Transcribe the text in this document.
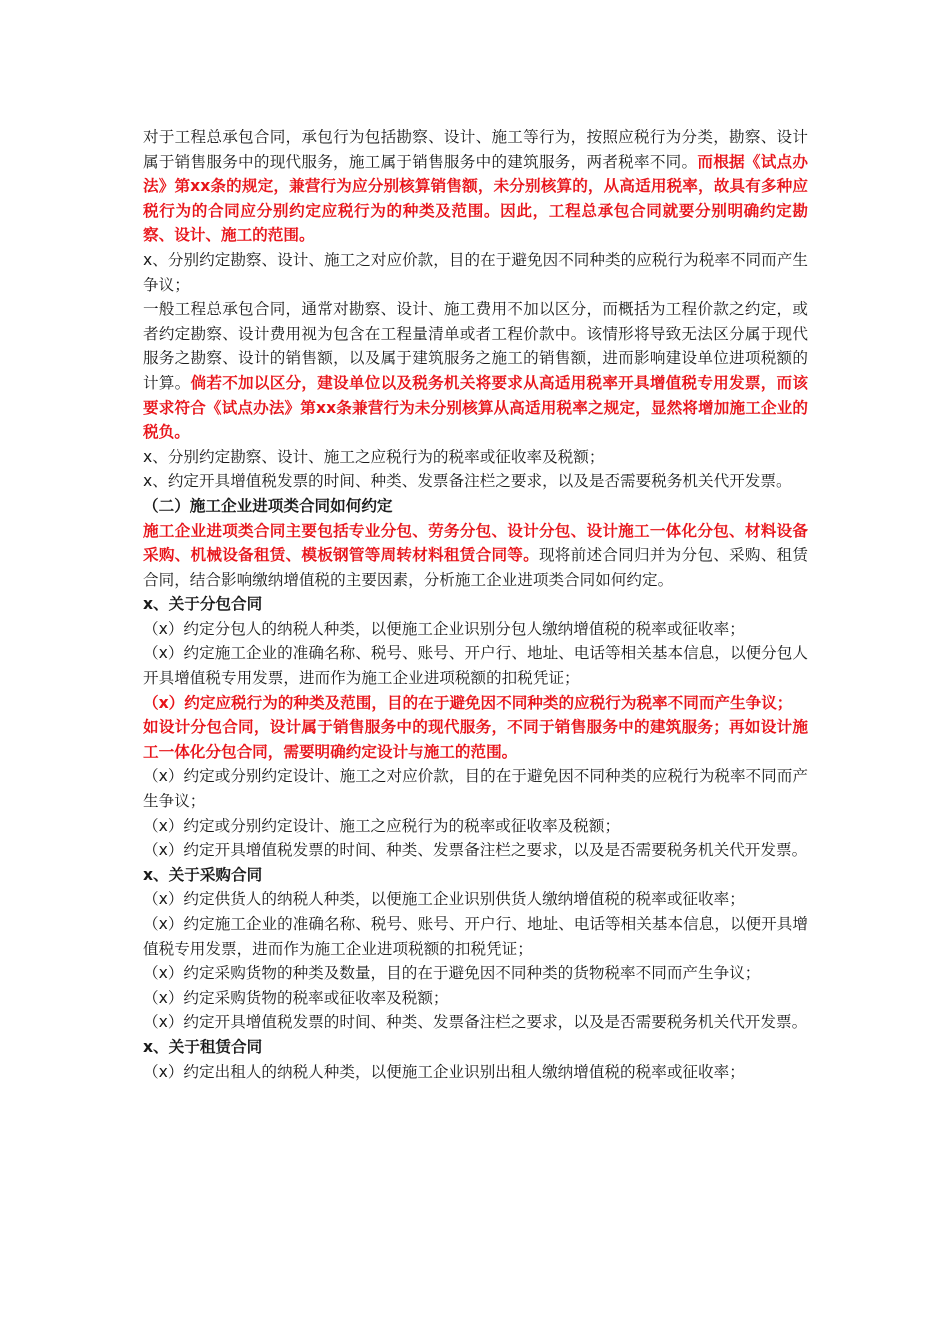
对于工程总承包合同，承包行为包括勘察、设计、施工等行为，按照应税行为分类，勘察、设计属于销售服务中的现代服务，施工属于销售服务中的建筑服务，两者税率不同。而根据《试点办法》第xx条的规定，兼营行为应分别核算销售额，未分别核算的，从高适用税率，故具有多种应税行为的合同应分别约定应税行为的种类及范围。因此，工程总承包合同就要分别明确约定勘察、设计、施工的范围。

x、分别约定勘察、设计、施工之对应价款，目的在于避免因不同种类的应税行为税率不同而产生争议；

一般工程总承包合同，通常对勘察、设计、施工费用不加以区分，而概括为工程价款之约定，或者约定勘察、设计费用视为包含在工程量清单或者工程价款中。该情形将导致无法区分属于现代服务之勘察、设计的销售额，以及属于建筑服务之施工的销售额，进而影响建设单位进项税额的计算。倘若不加以区分，建设单位以及税务机关将要求从高适用税率开具增值税专用发票，而该要求符合《试点办法》第xx条兼营行为未分别核算从高适用税率之规定，显然将增加施工企业的税负。

x、分别约定勘察、设计、施工之应税行为的税率或征收率及税额；

x、约定开具增值税发票的时间、种类、发票备注栏之要求，以及是否需要税务机关代开发票。

（二）施工企业进项类合同如何约定

施工企业进项类合同主要包括专业分包、劳务分包、设计分包、设计施工一体化分包、材料设备采购、机械设备租赁、模板钢管等周转材料租赁合同等。现将前述合同归并为分包、采购、租赁合同，结合影响缴纳增值税的主要因素，分析施工企业进项类合同如何约定。

x、关于分包合同

（x）约定分包人的纳税人种类，以便施工企业识别分包人缴纳增值税的税率或征收率；

（x）约定施工企业的准确名称、税号、账号、开户行、地址、电话等相关基本信息，以便分包人开具增值税专用发票，进而作为施工企业进项税额的扣税凭证；

（x）约定应税行为的种类及范围，目的在于避免因不同种类的应税行为税率不同而产生争议；

如设计分包合同，设计属于销售服务中的现代服务，不同于销售服务中的建筑服务；再如设计施工一体化分包合同，需要明确约定设计与施工的范围。

（x）约定或分别约定设计、施工之对应价款，目的在于避免因不同种类的应税行为税率不同而产生争议；

（x）约定或分别约定设计、施工之应税行为的税率或征收率及税额；

（x）约定开具增值税发票的时间、种类、发票备注栏之要求，以及是否需要税务机关代开发票。

x、关于采购合同

（x）约定供货人的纳税人种类，以便施工企业识别供货人缴纳增值税的税率或征收率；

（x）约定施工企业的准确名称、税号、账号、开户行、地址、电话等相关基本信息，以便开具增值税专用发票，进而作为施工企业进项税额的扣税凭证；

（x）约定采购货物的种类及数量，目的在于避免因不同种类的货物税率不同而产生争议；

（x）约定采购货物的税率或征收率及税额；

（x）约定开具增值税发票的时间、种类、发票备注栏之要求，以及是否需要税务机关代开发票。

x、关于租赁合同

（x）约定出租人的纳税人种类，以便施工企业识别出租人缴纳增值税的税率或征收率；
